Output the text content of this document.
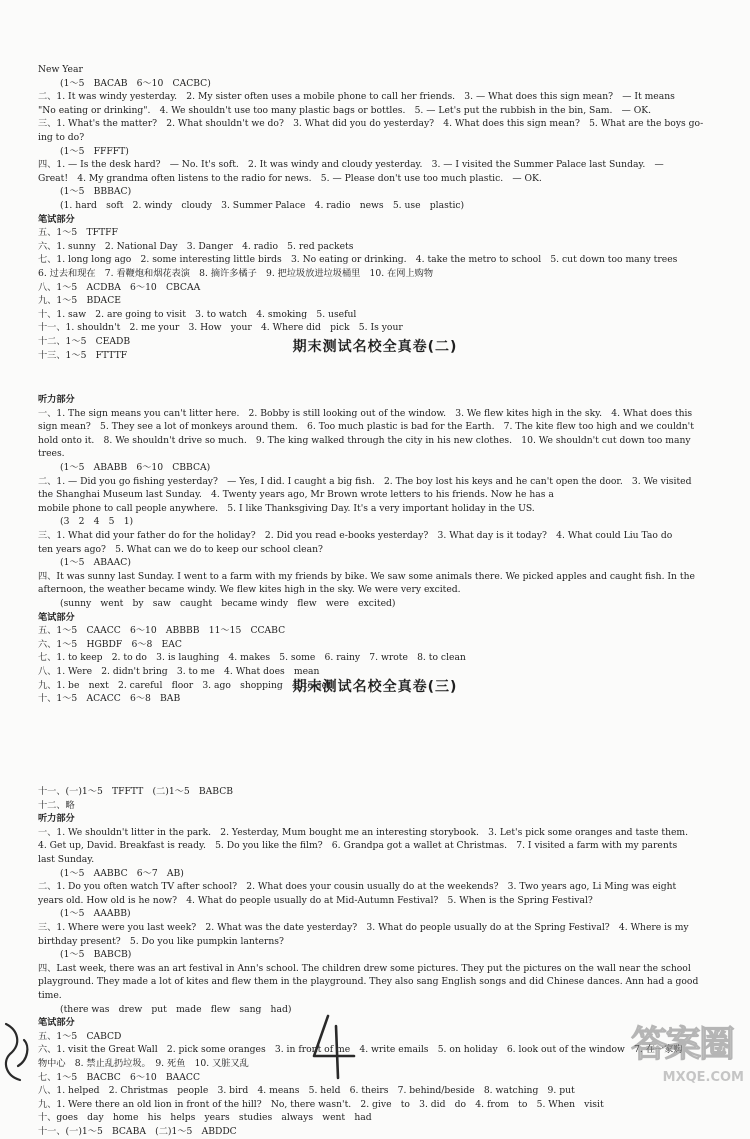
New Year
(1～5　BACAB　6～10　CACBC)
二、1. It was windy yesterday.　2. My sister often uses a mobile phone to call her friends.　3. — What does this sign mean?　— It means
"No eating or drinking".　4. We shouldn't use too many plastic bags or bottles.　5. — Let's put the rubbish in the bin, Sam.　— OK.
三、1. What's the matter?　2. What shouldn't we do?　3. What did you do yesterday?　4. What does this sign mean?　5. What are the boys go-
ing to do?
(1～5　FFFFT)
四、1. — Is the desk hard?　— No. It's soft.　2. It was windy and cloudy yesterday.　3. — I visited the Summer Palace last Sunday.　—
Great!　4. My grandma often listens to the radio for news.　5. — Please don't use too much plastic.　— OK.
(1～5　BBBAC)
(1. hard　soft　2. windy　cloudy　3. Summer Palace　4. radio　news　5. use　plastic)
笔试部分
五、1～5　TFTFF
六、1. sunny　2. National Day　3. Danger　4. radio　5. red packets
七、1. long long ago　2. some interesting little birds　3. No eating or drinking.　4. take the metro to school　5. cut down too many trees
6. 过去和现在　7. 看鞭炮和烟花表演　8. 摘许多橘子　9. 把垃圾放进垃圾桶里　10. 在网上购物
八、1～5　ACDBA　6～10　CBCAA
九、1～5　BDACE
十、1. saw　2. are going to visit　3. to watch　4. smoking　5. useful
十一、1. shouldn't　2. me your　3. How　your　4. Where did　pick　5. Is your
十二、1～5　CEADB
十三、1～5　FTTTF
听力部分
一、1. The sign means you can't litter here.　2. Bobby is still looking out of the window.　3. We flew kites high in the sky.　4. What does this
sign mean?　5. They see a lot of monkeys around them.　6. Too much plastic is bad for the Earth.　7. The kite flew too high and we couldn't
hold onto it.　8. We shouldn't drive so much.　9. The king walked through the city in his new clothes.　10. We shouldn't cut down too many
trees.
(1～5　ABABB　6～10　CBBCA)
二、1. — Did you go fishing yesterday?　— Yes, I did. I caught a big fish.　2. The boy lost his keys and he can't open the door.　3. We visited
the Shanghai Museum last Sunday.　4. Twenty years ago, Mr Brown wrote letters to his friends. Now he has a
mobile phone to call people anywhere.　5. I like Thanksgiving Day. It's a very important holiday in the US.
(3　2　4　5　1)
三、1. What did your father do for the holiday?　2. Did you read e-books yesterday?　3. What day is it today?　4. What could Liu Tao do
ten years ago?　5. What can we do to keep our school clean?
(1～5　ABAAC)
四、It was sunny last Sunday. I went to a farm with my friends by bike. We saw some animals there. We picked apples and caught fish. In the
afternoon, the weather became windy. We flew kites high in the sky. We were very excited.
(sunny　went　by　saw　caught　became windy　flew　were　excited)
笔试部分
五、1～5　CAACC　6～10　ABBBB　11～15　CCABC
六、1～5　HGBDF　6～8　EAC
七、1. to keep　2. to do　3. is laughing　4. makes　5. some　6. rainy　7. wrote　8. to clean
八、1. Were　2. didn't bring　3. to me　4. What does　mean
九、1. be　next　2. careful　floor　3. ago　shopping　4. to get
十、1～5　ACACC　6～8　BAB
十一、(一)1～5　TFFTT　(二)1～5　BABCB
十二、略
听力部分
一、1. We shouldn't litter in the park.　2. Yesterday, Mum bought me an interesting storybook.　3. Let's pick some oranges and taste them.
4. Get up, David. Breakfast is ready.　5. Do you like the film?　6. Grandpa got a wallet at Christmas.　7. I visited a farm with my parents
last Sunday.
(1～5　AABBC　6～7　AB)
二、1. Do you often watch TV after school?　2. What does your cousin usually do at the weekends?　3. Two years ago, Li Ming was eight
years old. How old is he now?　4. What do people usually do at Mid-Autumn Festival?　5. When is the Spring Festival?
(1～5　AAABB)
三、1. Where were you last week?　2. What was the date yesterday?　3. What do people usually do at the Spring Festival?　4. Where is my
birthday present?　5. Do you like pumpkin lanterns?
(1～5　BABCB)
四、Last week, there was an art festival in Ann's school. The children drew some pictures. They put the pictures on the wall near the school
playground. They made a lot of kites and flew them in the playground. They also sang English songs and did Chinese dances. Ann had a good
time.
(there was　drew　put　made　flew　sang　had)
笔试部分
五、1～5　CABCD
六、1. visit the Great Wall　2. pick some oranges　3. in front of me　4. write emails　5. on holiday　6. look out of the window　7. 在一家购
物中心　8. 禁止乱扔垃圾。　9. 死鱼　10. 又脏又乱
七、1～5　BACBC　6～10　BAACC
八、1. helped　2. Christmas　people　3. bird　4. means　5. held　6. theirs　7. behind/beside　8. watching　9. put
九、1. Were there an old lion in front of the hill?　No, there wasn't.　2. give　to　3. did　do　4. from　to　5. When　visit
十、goes　day　home　his　helps　years　studies　always　went　had
十一、(一)1～5　BCABA　(二)1～5　ABDDC
期末测试名校全真卷(二)
期末测试名校全真卷(三)
答案圈
MXQE.COM
